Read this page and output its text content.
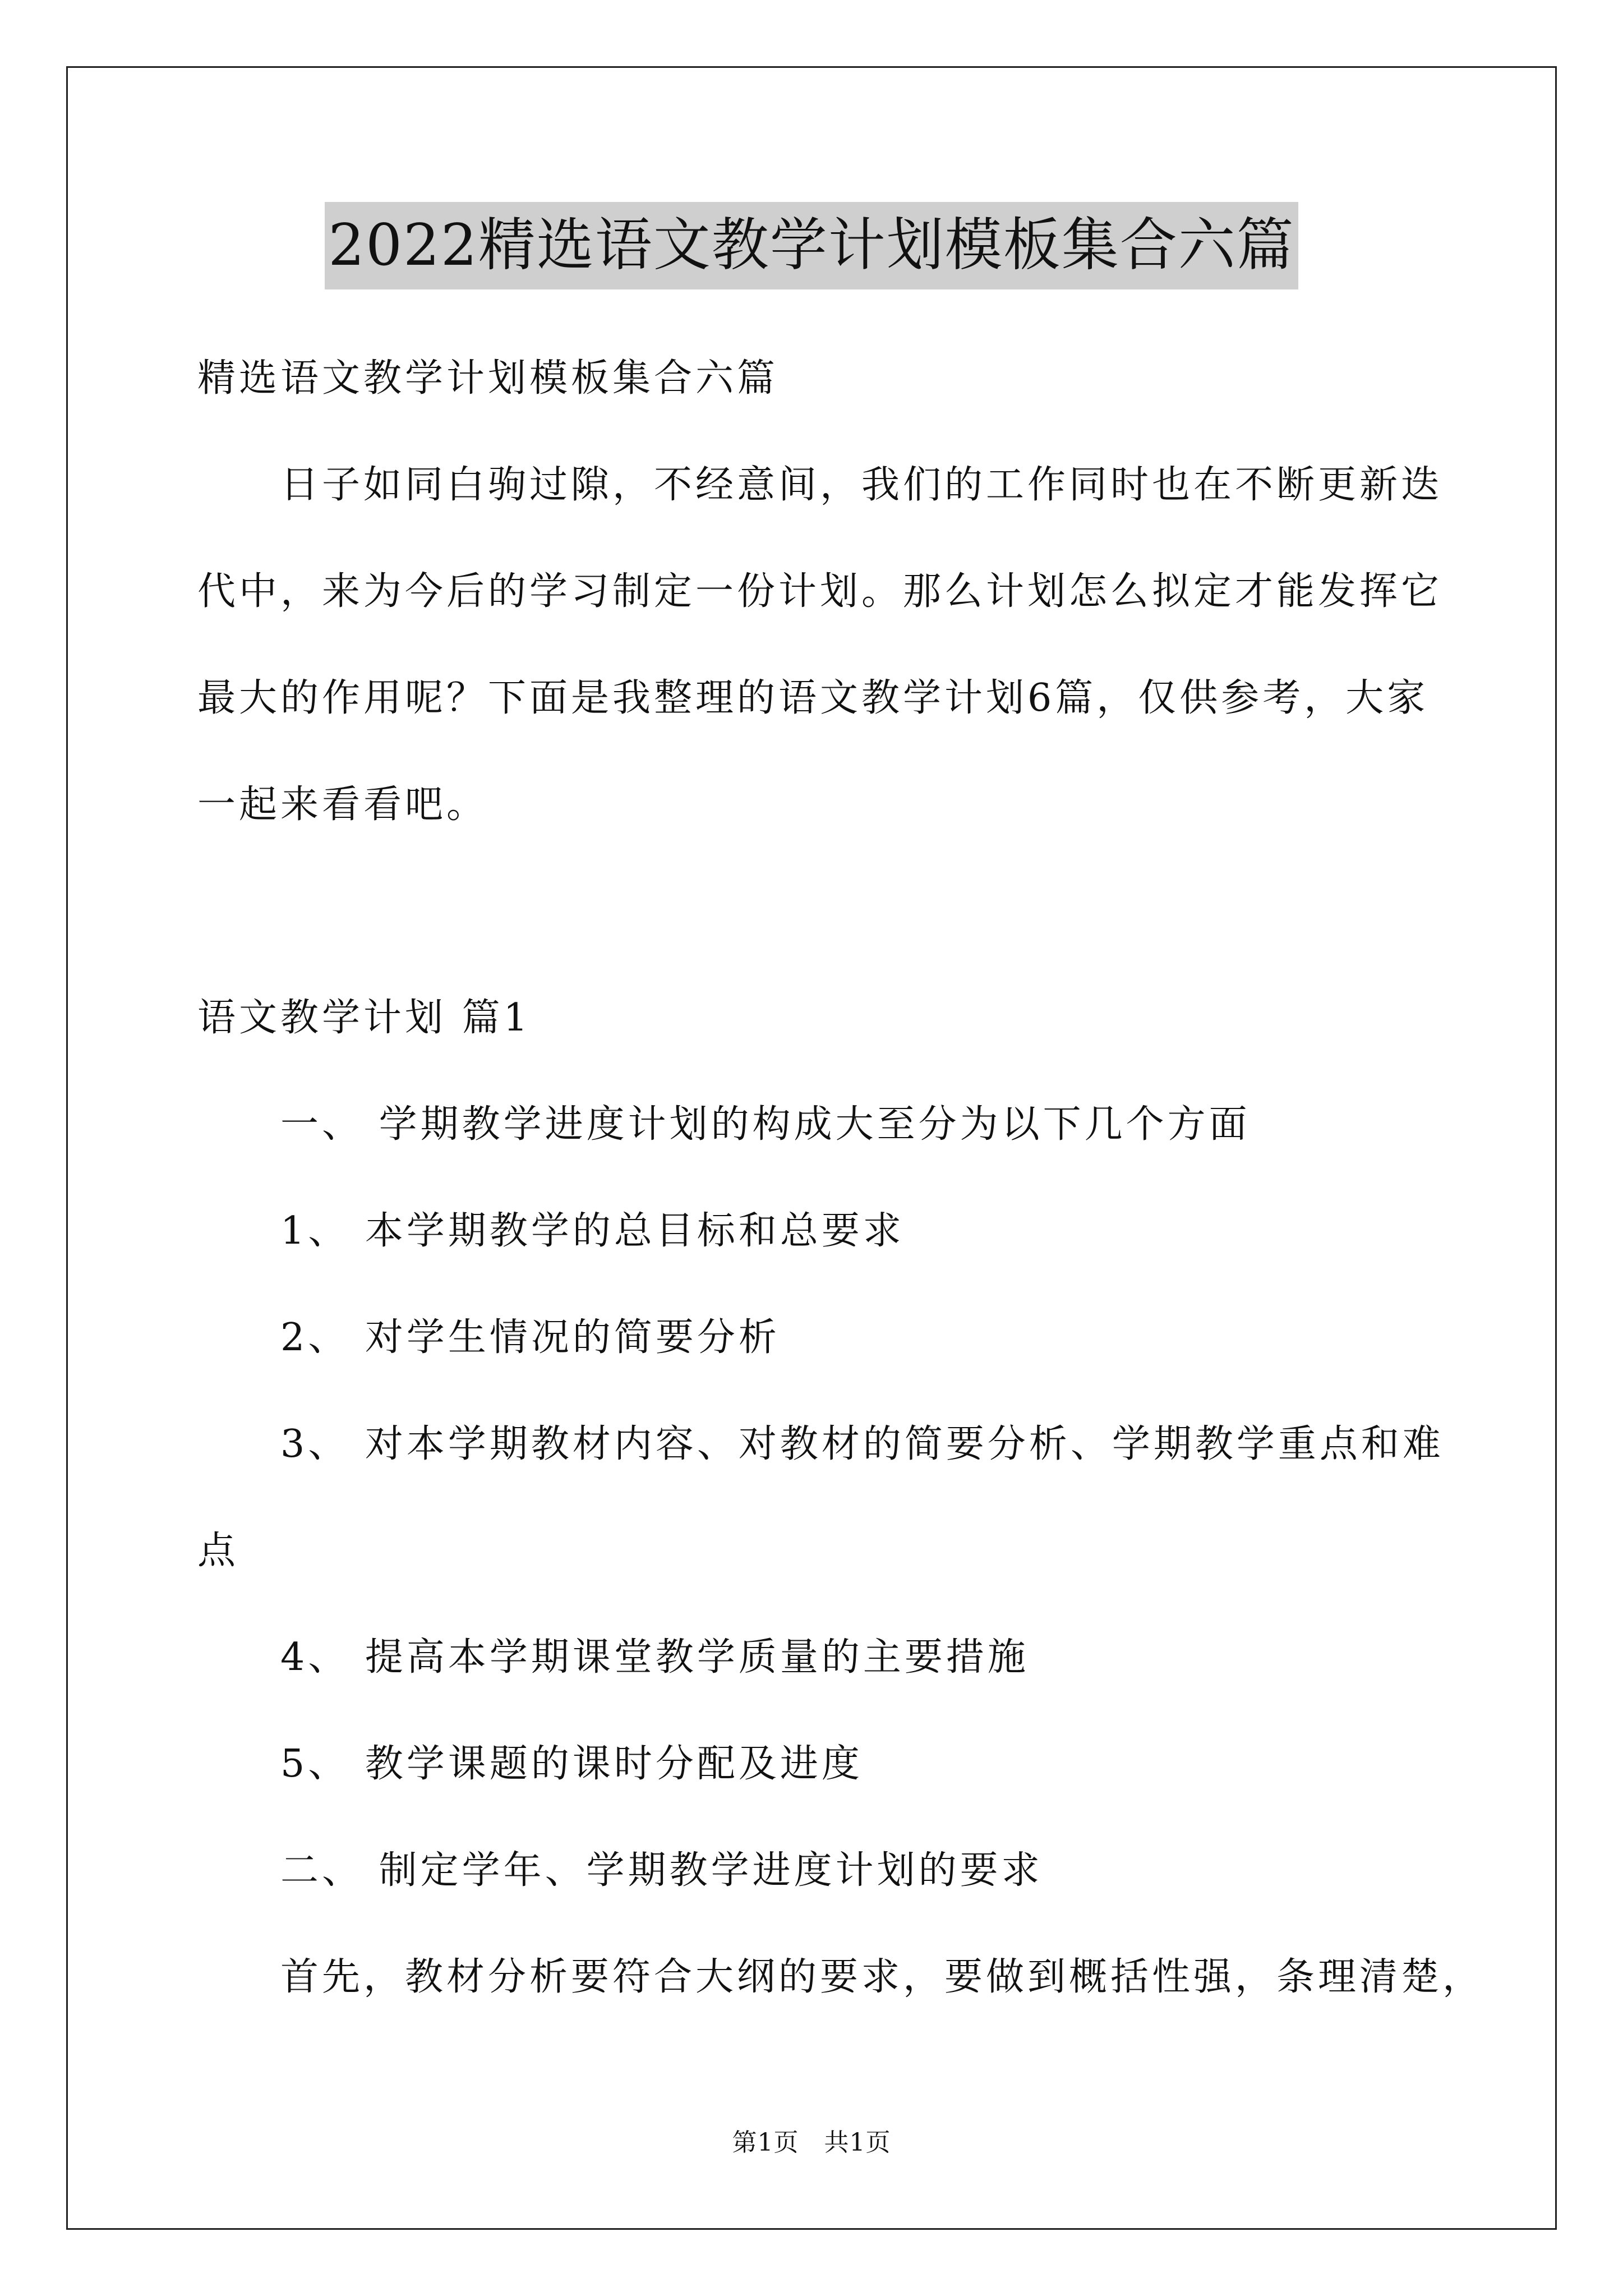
2022精选语文教学计划模板集合六篇
精选语文教学计划模板集合六篇
日子如同白驹过隙，不经意间，我们的工作同时也在不断更新迭
代中，来为今后的学习制定一份计划。那么计划怎么拟定才能发挥它
最大的作用呢？下面是我整理的语文教学计划6篇，仅供参考，大家
一起来看看吧。
语文教学计划 篇1
一、 学期教学进度计划的构成大至分为以下几个方面
1、 本学期教学的总目标和总要求
2、 对学生情况的简要分析
3、 对本学期教材内容、对教材的简要分析、学期教学重点和难
点
4、 提高本学期课堂教学质量的主要措施
5、 教学课题的课时分配及进度
二、 制定学年、学期教学进度计划的要求
首先，教材分析要符合大纲的要求，要做到概括性强，条理清楚，
第1页　共1页
